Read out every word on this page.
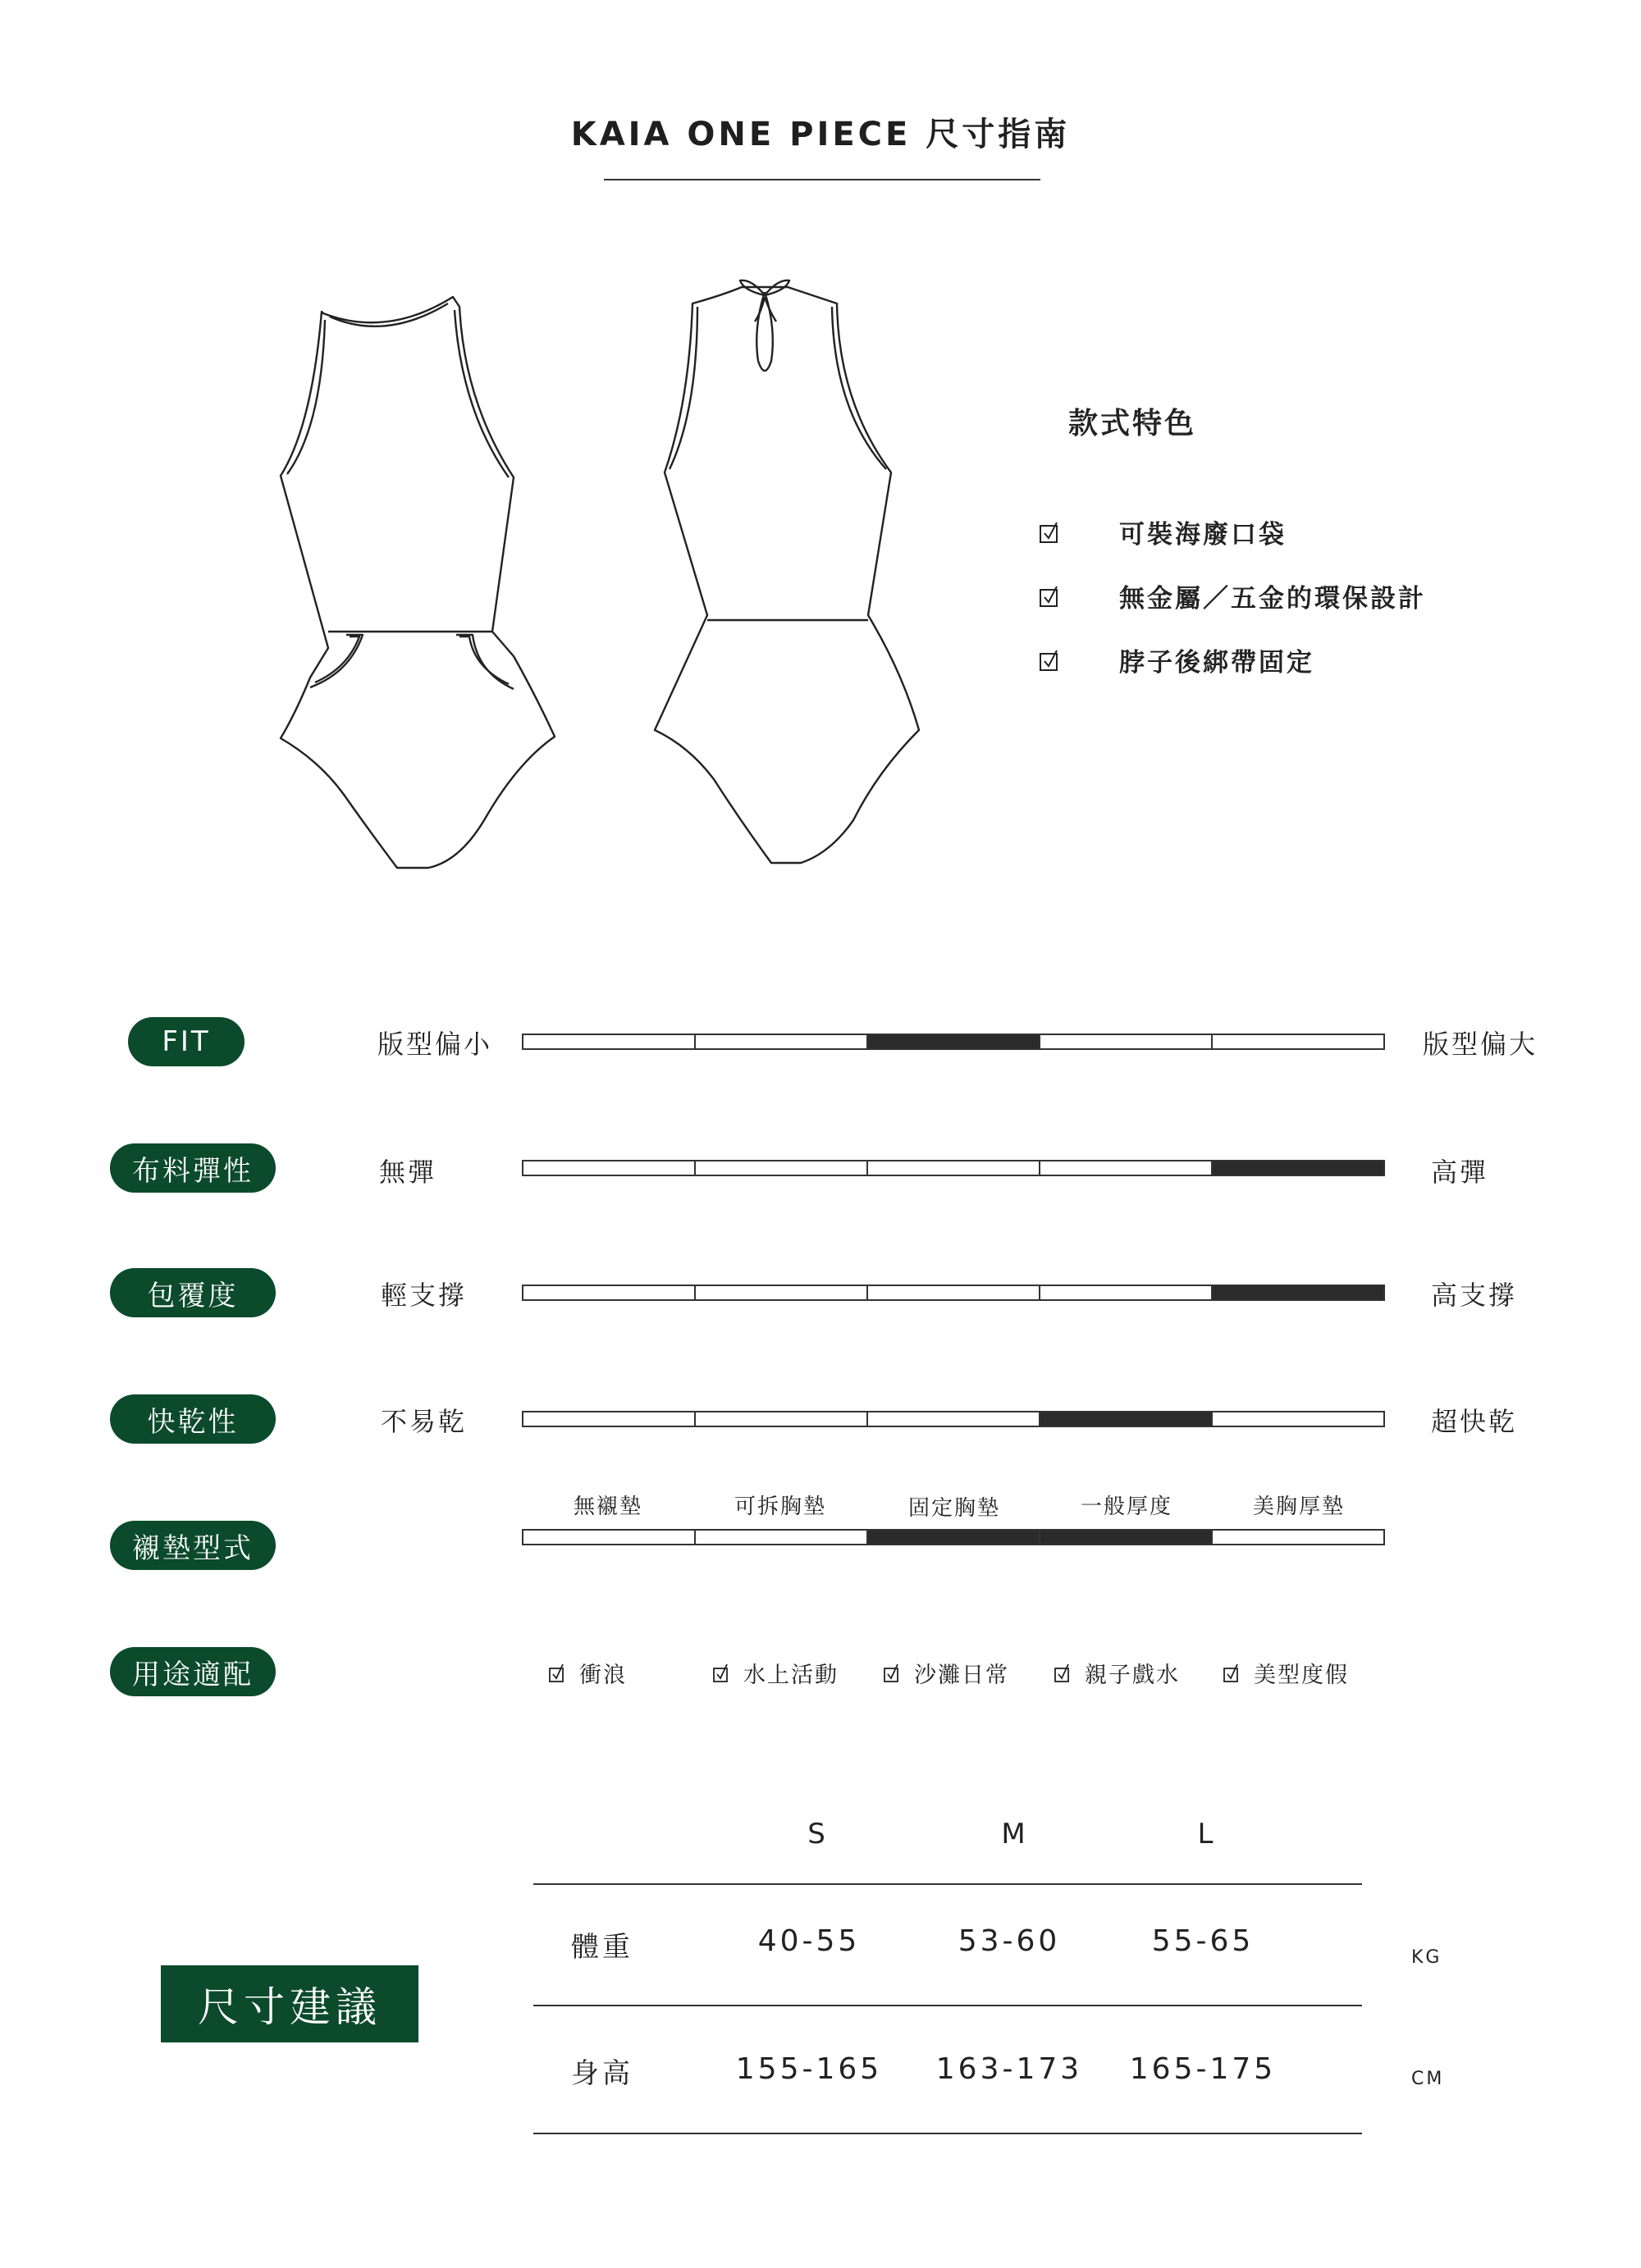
KAIA ONE PIECE 尺寸指南
款式特色
可裝海廢口袋
無金屬／五金的環保設計
脖子後綁帶固定
FIT	版型偏小	版型偏大
布料彈性	無彈	高彈
包覆度	輕支撐	高支撐
快乾性	不易乾	超快乾
襯墊型式
無襯墊	可拆胸墊	固定胸墊	一般厚度	美胸厚墊
用途適配	衝浪	水上活動	沙灘日常	親子戲水	美型度假
尺寸建議
S	M	L
體重	40-55	53-60	55-65	KG
身高	155-165	163-173	165-175	CM
